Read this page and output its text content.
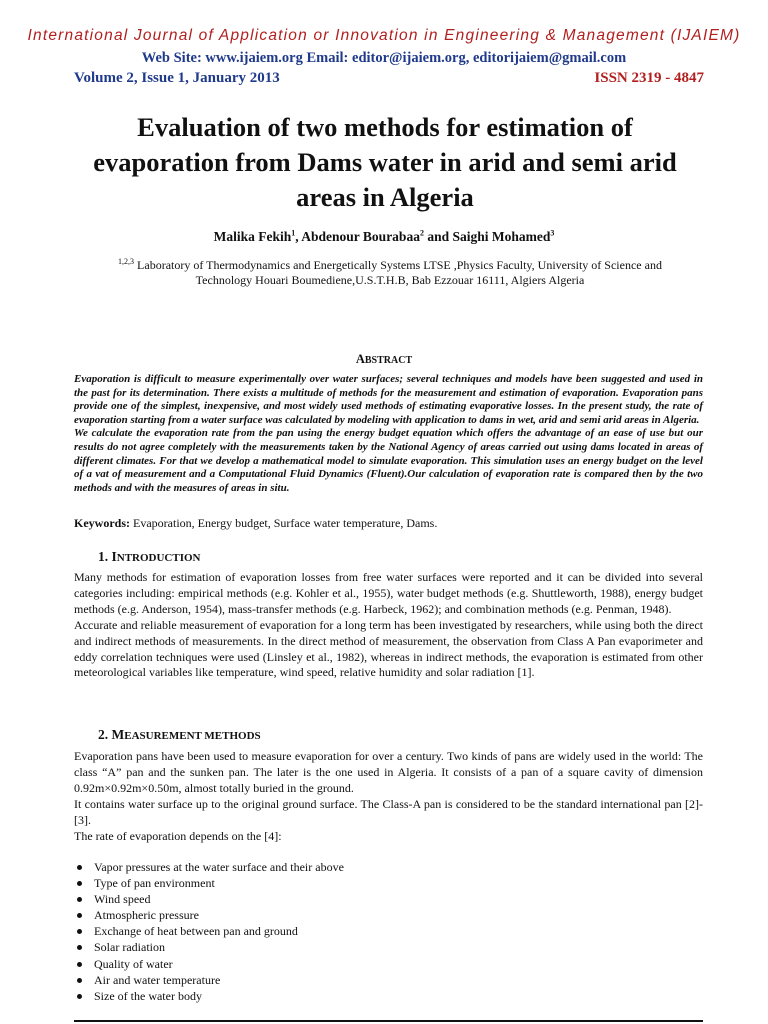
International Journal of Application or Innovation in Engineering & Management (IJAIEM)
Web Site: www.ijaiem.org Email: editor@ijaiem.org, editorijaiem@gmail.com
Volume 2, Issue 1, January 2013	ISSN 2319 - 4847
Evaluation of two methods for estimation of evaporation from Dams water in arid and semi arid areas in Algeria
Malika Fekih$^1$, Abdenour Bourabaa$^2$ and Saighi Mohamed$^3$
$^{1,2,3}$ Laboratory of Thermodynamics and Energetically Systems LTSE ,Physics Faculty, University of Science and Technology Houari Boumediene,U.S.T.H.B, Bab Ezzouar 16111, Algiers Algeria
ABSTRACT

Evaporation is difficult to measure experimentally over water surfaces; several techniques and models have been suggested and used in the past for its determination. There exists a multitude of methods for the measurement and estimation of evaporation. Evaporation pans provide one of the simplest, inexpensive, and most widely used methods of estimating evaporative losses. In the present study, the rate of evaporation starting from a water surface was calculated by modeling with application to dams in wet, arid and semi arid areas in Algeria.

We calculate the evaporation rate from the pan using the energy budget equation which offers the advantage of an ease of use but our results do not agree completely with the measurements taken by the National Agency of areas carried out using dams located in areas of different climates. For that we develop a mathematical model to simulate evaporation. This simulation uses an energy budget on the level of a vat of measurement and a Computational Fluid Dynamics (Fluent).Our calculation of evaporation rate is compared then by the two methods and with the measures of areas in situ.

Keywords: Evaporation, Energy budget, Surface water temperature, Dams.
1. INTRODUCTION

Many methods for estimation of evaporation losses from free water surfaces were reported and it can be divided into several categories including: empirical methods (e.g. Kohler et al., 1955), water budget methods (e.g. Shuttleworth, 1988), energy budget methods (e.g. Anderson, 1954), mass-transfer methods (e.g. Harbeck, 1962); and combination methods (e.g. Penman, 1948).

Accurate and reliable measurement of evaporation for a long term has been investigated by researchers, while using both the direct and indirect methods of measurements. In the direct method of measurement, the observation from Class A Pan evaporimeter and eddy correlation techniques were used (Linsley et al., 1982), whereas in indirect methods, the evaporation is estimated from other meteorological variables like temperature, wind speed, relative humidity and solar radiation [1].

2. MEASUREMENT METHODS

Evaporation pans have been used to measure evaporation for over a century. Two kinds of pans are widely used in the world: The class “A” pan and the sunken pan. The later is the one used in Algeria. It consists of a pan of a square cavity of dimension 0.92m×0.92m×0.50m, almost totally buried in the ground.

It contains water surface up to the original ground surface. The Class-A pan is considered to be the standard international pan [2]-[3].

The rate of evaporation depends on the [4]:

Vapor pressures at the water surface and their above
Type of pan environment
Wind speed
Atmospheric pressure
Exchange of heat between pan and ground
Solar radiation
Quality of water
Air and water temperature
Size of the water body
